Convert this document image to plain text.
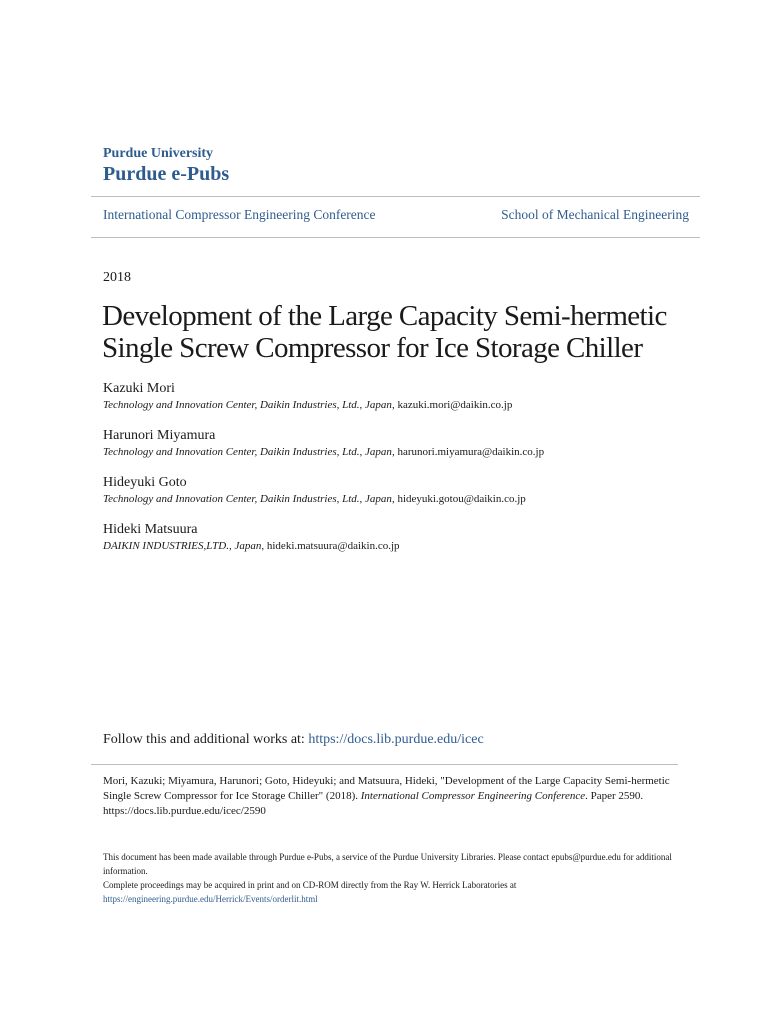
Purdue University
Purdue e-Pubs
International Compressor Engineering Conference	School of Mechanical Engineering
2018
Development of the Large Capacity Semi-hermetic
Single Screw Compressor for Ice Storage Chiller
Kazuki Mori
Technology and Innovation Center, Daikin Industries, Ltd., Japan, kazuki.mori@daikin.co.jp
Harunori Miyamura
Technology and Innovation Center, Daikin Industries, Ltd., Japan, harunori.miyamura@daikin.co.jp
Hideyuki Goto
Technology and Innovation Center, Daikin Industries, Ltd., Japan, hideyuki.gotou@daikin.co.jp
Hideki Matsuura
DAIKIN INDUSTRIES,LTD., Japan, hideki.matsuura@daikin.co.jp
Follow this and additional works at: https://docs.lib.purdue.edu/icec
Mori, Kazuki; Miyamura, Harunori; Goto, Hideyuki; and Matsuura, Hideki, "Development of the Large Capacity Semi-hermetic Single Screw Compressor for Ice Storage Chiller" (2018). International Compressor Engineering Conference. Paper 2590.
https://docs.lib.purdue.edu/icec/2590
This document has been made available through Purdue e-Pubs, a service of the Purdue University Libraries. Please contact epubs@purdue.edu for additional information.
Complete proceedings may be acquired in print and on CD-ROM directly from the Ray W. Herrick Laboratories at https://engineering.purdue.edu/Herrick/Events/orderlit.html
